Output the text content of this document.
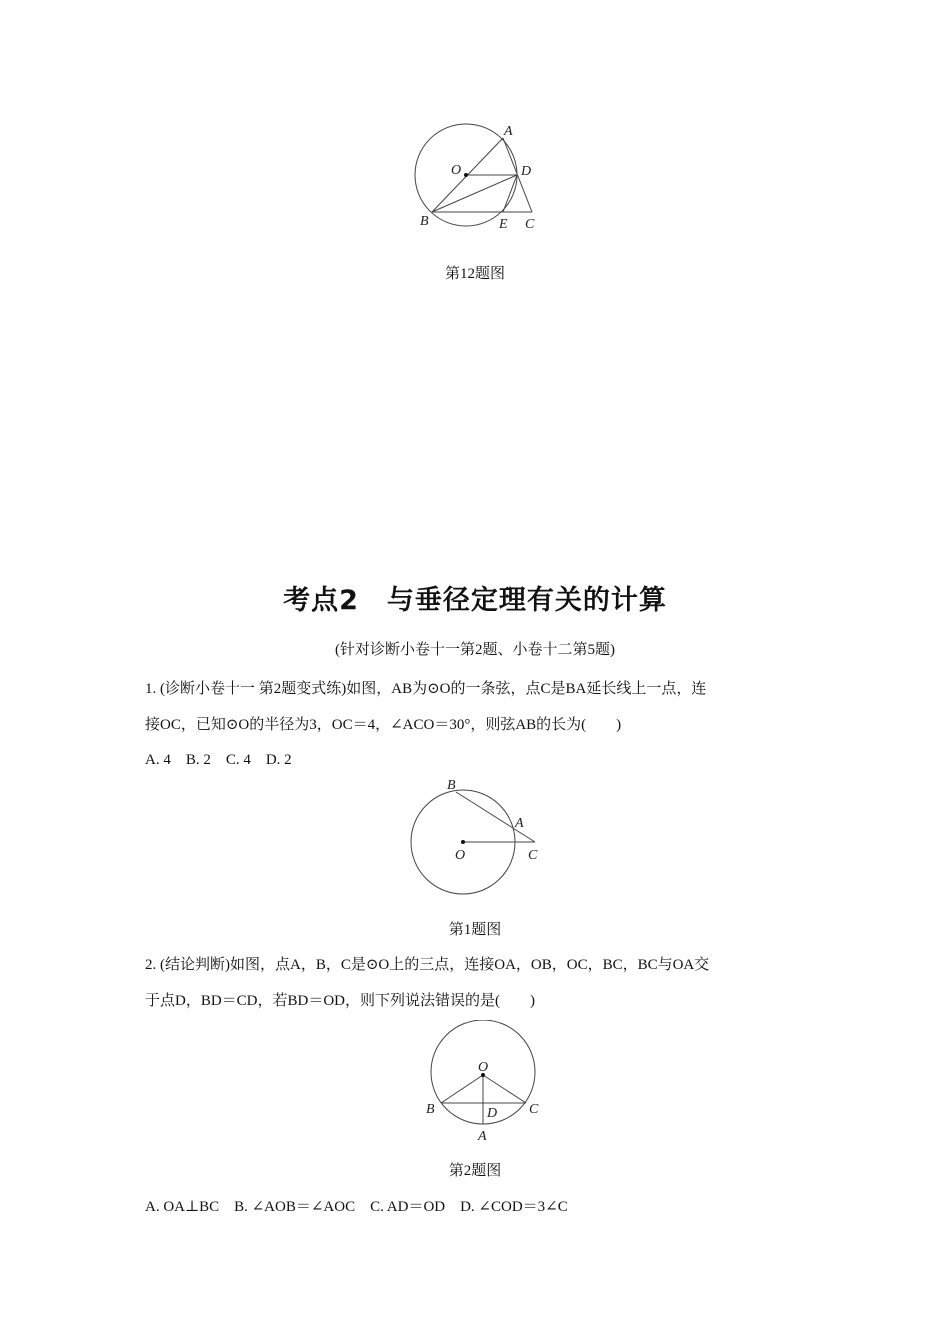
A
O	D
B	E C
第12题图
考点2　与垂径定理有关的计算
(针对诊断小卷十一第2题、小卷十二第5题)
1. (诊断小卷十一 第2题变式练)如图，AB为⊙O的一条弦，点C是BA延长线上一点，连
接OC，已知⊙O的半径为3，OC＝4，∠ACO＝30°，则弦AB的长为(　　)
A. 4　B. 2　C. 4　D. 2
B
A
O	C
第1题图
2. (结论判断)如图，点A，B，C是⊙O上的三点，连接OA，OB，OC，BC，BC与OA交
于点D，BD＝CD，若BD＝OD，则下列说法错误的是(　　)
O
B	D C
A
第2题图
A. OA⊥BC　B. ∠AOB＝∠AOC　C. AD＝OD　D. ∠COD＝3∠C
